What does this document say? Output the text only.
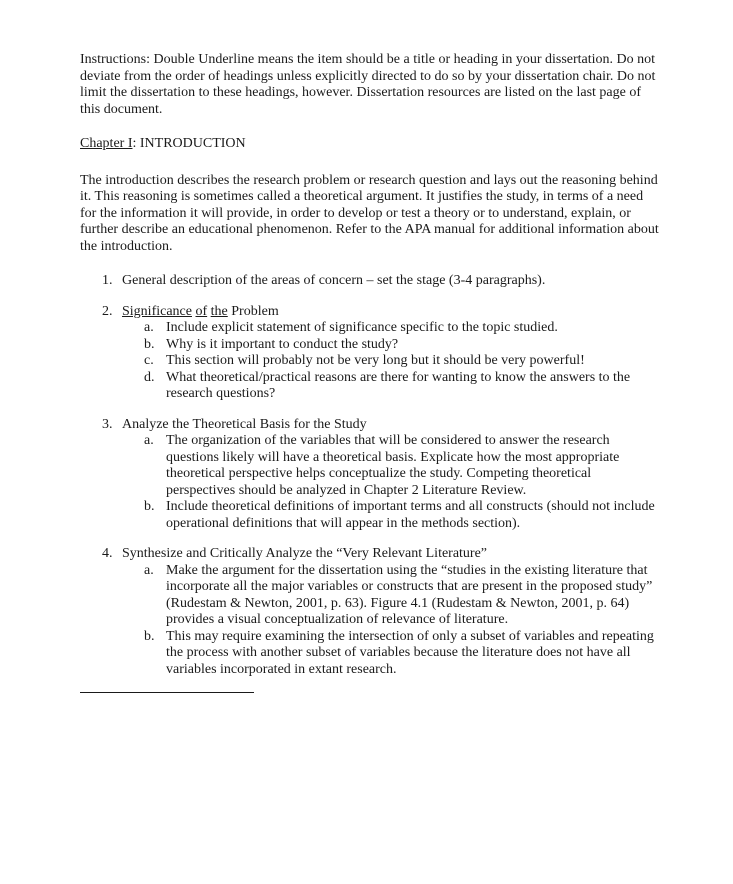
Instructions: Double Underline means the item should be a title or heading in your dissertation. Do not deviate from the order of headings unless explicitly directed to do so by your dissertation chair. Do not limit the dissertation to these headings, however. Dissertation resources are listed on the last page of this document.

Chapter I: INTRODUCTION

The introduction describes the research problem or research question and lays out the reasoning behind it. This reasoning is sometimes called a theoretical argument. It justifies the study, in terms of a need for the information it will provide, in order to develop or test a theory or to understand, explain, or further describe an educational phenomenon. Refer to the APA manual for additional information about the introduction.

1. General description of the areas of concern – set the stage (3-4 paragraphs).
2. Significance of the Problem
a. Include explicit statement of significance specific to the topic studied.
b. Why is it important to conduct the study?
c. This section will probably not be very long but it should be very powerful!
d. What theoretical/practical reasons are there for wanting to know the answers to the research questions?
3. Analyze the Theoretical Basis for the Study
a. The organization of the variables that will be considered to answer the research questions likely will have a theoretical basis. Explicate how the most appropriate theoretical perspective helps conceptualize the study. Competing theoretical perspectives should be analyzed in Chapter 2 Literature Review.
b. Include theoretical definitions of important terms and all constructs (should not include operational definitions that will appear in the methods section).
4. Synthesize and Critically Analyze the “Very Relevant Literature”
a. Make the argument for the dissertation using the “studies in the existing literature that incorporate all the major variables or constructs that are present in the proposed study” (Rudestam & Newton, 2001, p. 63). Figure 4.1 (Rudestam & Newton, 2001, p. 64) provides a visual conceptualization of relevance of literature.
b. This may require examining the intersection of only a subset of variables and repeating the process with another subset of variables because the literature does not have all variables incorporated in extant research.
